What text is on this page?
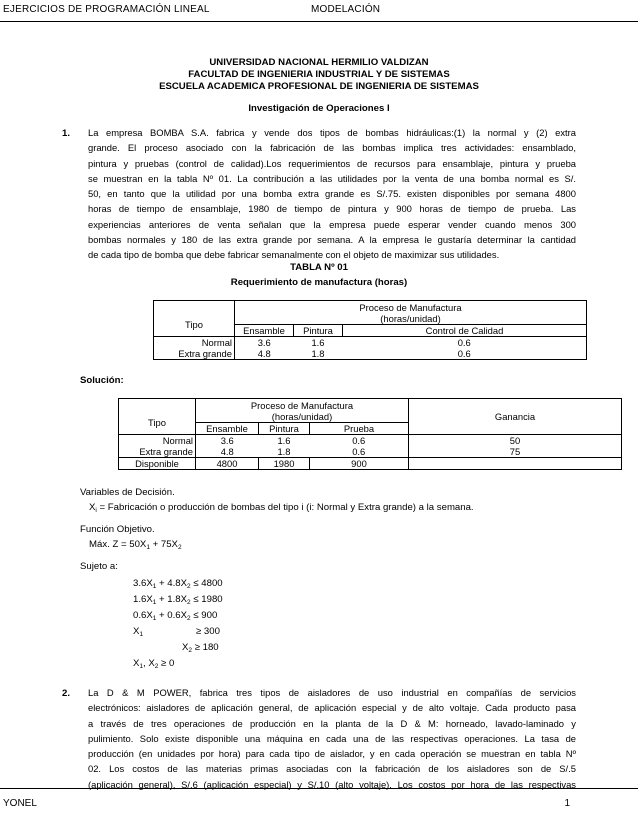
EJERCICIOS DE PROGRAMACIÓN LINEAL	MODELACIÓN
UNIVERSIDAD NACIONAL HERMILIO VALDIZAN
FACULTAD DE INGENIERIA INDUSTRIAL Y DE SISTEMAS
ESCUELA ACADEMICA PROFESIONAL DE INGENIERIA DE SISTEMAS
Investigación de Operaciones I
1. La empresa BOMBA S.A. fabrica y vende dos tipos de bombas hidráulicas:(1) la normal y (2) extra
grande. El proceso asociado con la fabricación de las bombas implica tres actividades: ensamblado,
pintura y pruebas (control de calidad).Los requerimientos de recursos para ensamblaje, pintura y prueba
se muestran en la tabla Nº 01. La contribución a las utilidades por la venta de una bomba normal es S/.
50, en tanto que la utilidad por una bomba extra grande es S/.75. existen disponibles por semana 4800
horas de tiempo de ensamblaje, 1980 de tiempo de pintura y 900 horas de tiempo de prueba. Las
experiencias anteriores de venta señalan que la empresa puede esperar vender cuando menos 300
bombas normales y 180 de las extra grande por semana. A la empresa le gustaría determinar la cantidad
de cada tipo de bomba que debe fabricar semanalmente con el objeto de maximizar sus utilidades.
TABLA Nº 01
Requerimiento de manufactura (horas)
Tipo	Proceso de Manufactura
(horas/unidad)		

	Ensamble	Pintura	Control de Calidad
Normal	3.6	1.6	0.6
Extra grande	4.8	1.8	0.6
Solución:
Tipo	Proceso de Manufactura
(horas/unidad)			Ganancia
	Ensamble	Pintura	Prueba	
Normal	3.6	1.6	0.6	50
Extra grande	4.8	1.8	0.6	75
Disponible	4800	1980	900	
Variables de Decisión.
$X_i$ = Fabricación o producción de bombas del tipo i (i: Normal y Extra grande) a la semana.
Función Objetivo.
Máx. $Z = 50X_1 + 75X_2$
Sujeto a:
$3.6X_1 + 4.8X_2 \le 4800$
$1.6X_1 + 1.8X_2 \le 1980$
$0.6X_1 + 0.6X_2 \le 900$
$X_1$	≥ 300
$X_2 \ge 180$
$X_1$, $X_2 \ge 0$
2. La D & M POWER, fabrica tres tipos de aisladores de uso industrial en compañías de servicios
electrónicos: aisladores de aplicación general, de aplicación especial y de alto voltaje. Cada producto pasa
a través de tres operaciones de producción en la planta de la D & M: horneado, lavado-laminado y
pulimiento. Solo existe disponible una máquina en cada una de las respectivas operaciones. La tasa de
producción (en unidades por hora) para cada tipo de aislador, y en cada operación se muestran en tabla Nº
02. Los costos de las materias primas asociadas con la fabricación de los aisladores son de S/.5
(aplicación general), S/.6 (aplicación especial) y S/.10 (alto voltaje). Los costos por hora de las respectivas
YONEL	1
